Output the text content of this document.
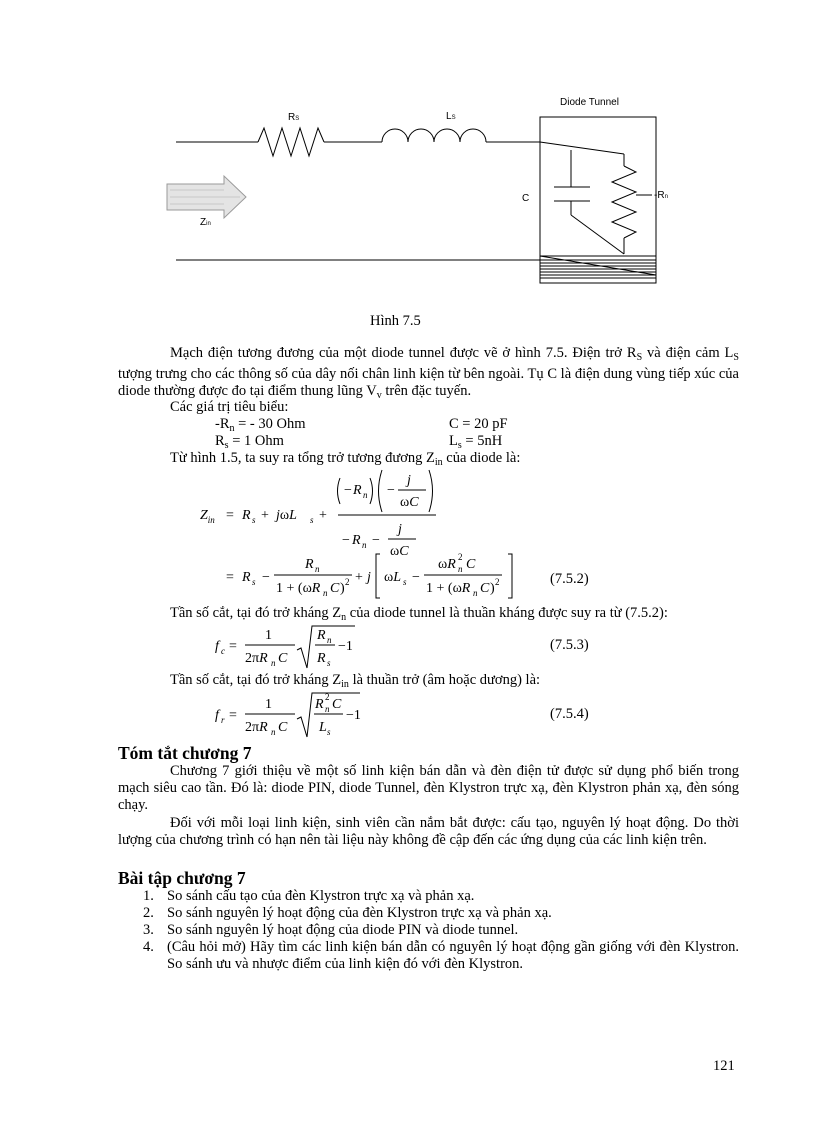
RS	LS
Diode Tunnel
C	-Rn
Zin
Hình 7.5
Mạch điện tương đương của một diode tunnel được vẽ ở hình 7.5. Điện trở $R_S$ và điện cảm $L_S$ tượng trưng cho các thông số của dây nối chân linh kiện từ bên ngoài. Tụ C là điện dung vùng tiếp xúc của diode thường được đo tại điểm thung lũng $V_v$ trên đặc tuyến.
Các giá trị tiêu biểu:
$-R_n$ = - 30 Ohm	C = 20 pF
$R_s = 1$ Ohm	$L_s = 5nH$
Từ hình 1.5, ta suy ra tổng trở tương đương $Z_{in}$ của diode là:
$Z_{in} = R$ s + jωL s +
− R n −
j
ωC
− R n −
j
ωC
= R s −
R n
1 + (ωR n C ) 2 + j ωL s −
ωR 2
n C
1 + (ωR n C ) 2	(7.5.2)
Tần số cắt, tại đó trở kháng $Z_n$ của diode tunnel là thuần kháng được suy ra từ (7.5.2):
f c =
1
2πR n C
R n
R s
−1	(7.5.3)
Tần số cắt, tại đó trở kháng $Z_{in}$ là thuần trở (âm hoặc dương) là:
f r =
1
2πR n C
R 2
n C
L s
−1	(7.5.4)
Tóm tắt chương 7
Chương 7 giới thiệu về một số linh kiện bán dẫn và đèn điện tử được sử dụng phổ biến trong mạch siêu cao tần. Đó là: diode PIN, diode Tunnel, đèn Klystron trực xạ, đèn Klystron phản xạ, đèn sóng chạy.
Đối với mỗi loại linh kiện, sinh viên cần nắm bắt được: cấu tạo, nguyên lý hoạt động. Do thời lượng của chương trình có hạn nên tài liệu này không đề cập đến các ứng dụng của các linh kiện trên.
Bài tập chương 7
1. So sánh cấu tạo của đèn Klystron trực xạ và phản xạ.
2. So sánh nguyên lý hoạt động của đèn Klystron trực xạ và phản xạ.
3. So sánh nguyên lý hoạt động của diode PIN và diode tunnel.
4. (Câu hỏi mở) Hãy tìm các linh kiện bán dẫn có nguyên lý hoạt động gần giống với đèn Klystron. So sánh ưu và nhược điểm của linh kiện đó với đèn Klystron.
121
